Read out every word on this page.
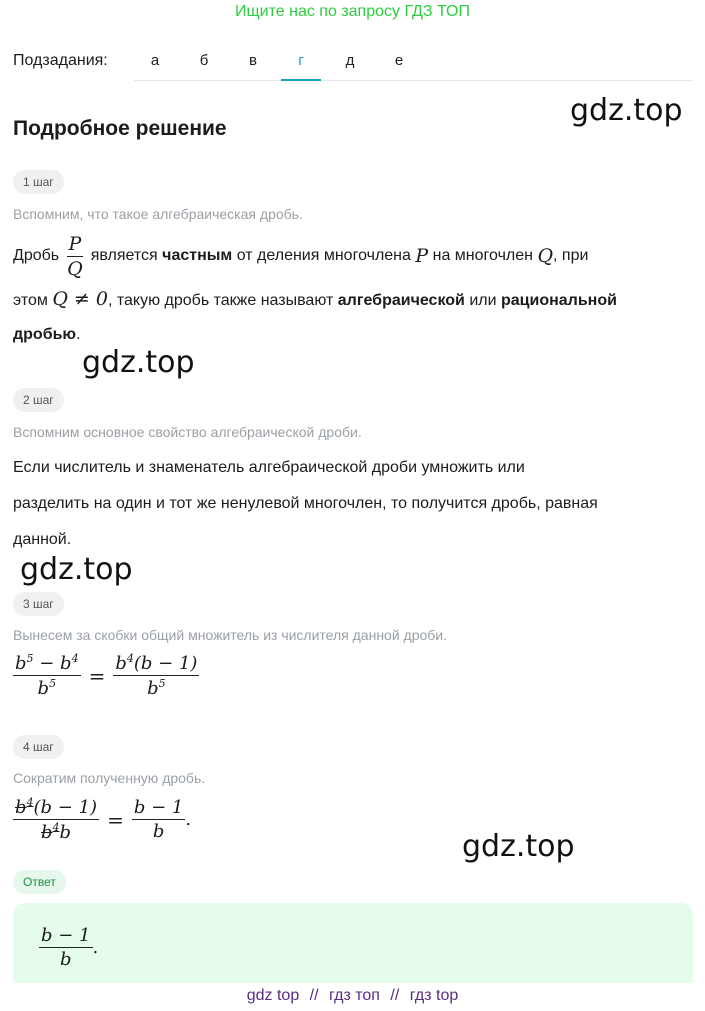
Ищите нас по запросу ГДЗ ТОП
Подзадания:	а	б	в	г	д	е
gdz.top
gdz.top
gdz.top
gdz.top
Подробное решение
1 шаг
Вспомним, что такое алгебраическая дробь.
Дробь $\frac{P}{Q}$ является
частным
от деления многочлена
P
на многочлен
Q , при
этом Q ≠ 0, такую дробь также называют алгебраической или рациональной
дробью.
2 шаг
Вспомним основное свойство алгебраической дроби.
Если числитель и знаменатель алгебраической дроби умножить или
разделить на один и тот же ненулевой многочлен, то получится дробь, равная
данной.
3 шаг
Вынесем за скобки общий множитель из числителя данной дроби.
$\frac{b^5 - b^4}{b^5} = \frac{b^4(b - 1)}{b^5}$
4 шаг
Сократим полученную дробь.
$\frac{b^4(b - 1)}{b^4b} = \frac{b - 1}{b}$ .
Ответ
$\frac{b - 1}{b}$ .
gdz top // гдз топ // гдз top
